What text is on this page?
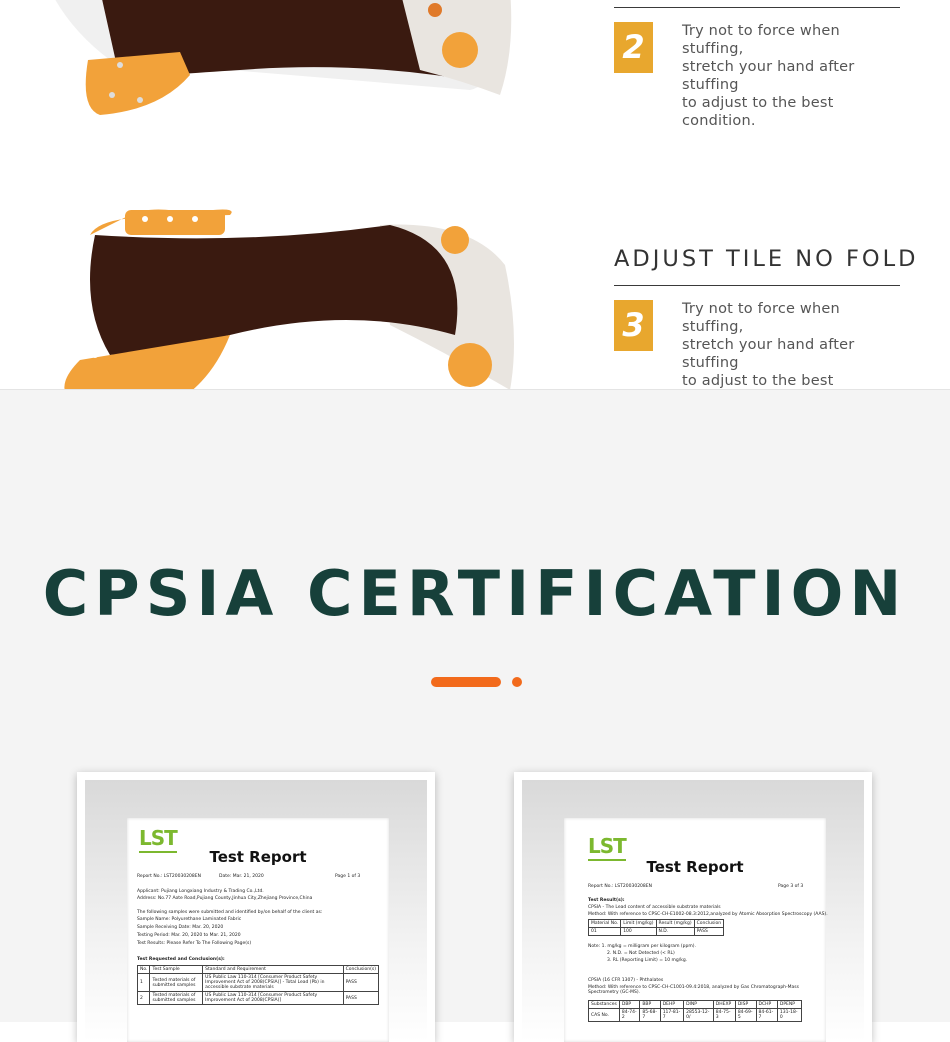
2	Try not to force when stuffing,
stretch your hand after stuffing
to adjust to the best condition.
ADJUST TILE NO FOLD
3	Try not to force when stuffing,
stretch your hand after stuffing
to adjust to the best
CPSIA CERTIFICATION
LST
Test Report
Report No.: LST20030208EN	Date: Mar. 21, 2020	Page 1 of 3
Applicant: Pujiang Longxiang Industry & Trading Co.,Ltd.
Address: No.77 Aote Road,Pujiang County,Jinhua City,Zhejiang Province,China
The following samples were submitted and identified by/on behalf of the client as:
Sample Name: Polyurethane Laminated Fabric
Sample Receiving Date: Mar. 20, 2020
Testing Period: Mar. 20, 2020 to Mar. 21, 2020
Test Results: Please Refer To The Following Page(s)
Test Requested and Conclusion(s):
No.	Test Sample	Standard and Requirement	Conclusion(s)
1	Tested materials of submitted samples	US Public Law 110-314 [Consumer Product Safety Improvement Act of 2008(CPSIA)] - Total Lead (Pb) in accessible substrate materials	PASS
2	Tested materials of submitted samples	US Public Law 110-314 [Consumer Product Safety Improvement Act of 2008(CPSIA)]	PASS
LST
Test Report
Report No.: LST20030208EN	Page 3 of 3
Test Result(s):
CPSIA - The Lead content of accessible substrate materials
Method: With reference to CPSC-CH-E1002-08.3:2012,analyzed by Atomic Absorption Spectroscopy (AAS).
Material No.	Limit (mg/kg)	Result (mg/kg)	Conclusion
01	100	N.D.	PASS
Note: 1. mg/kg = milligram per kilogram (ppm).
2. N.D. = Not Detected (< RL)
3. RL (Reporting Limit) = 10 mg/kg.
CPSIA (16 CFR 1307) - Phthalates
Method: With reference to CPSC-CH-C1001-09.4:2018, analyzed by Gas Chromatograph-Mass Spectrometry (GC-MS).
Substances	DBP	BBP	DEHP	DINP	DHEXP	DISP	DCHP	DPENP
CAS No.	84-74-2	85-68-7	117-81-7	28553-12-0/	84-75-3	84-69-5	84-61-7	131-18-0
